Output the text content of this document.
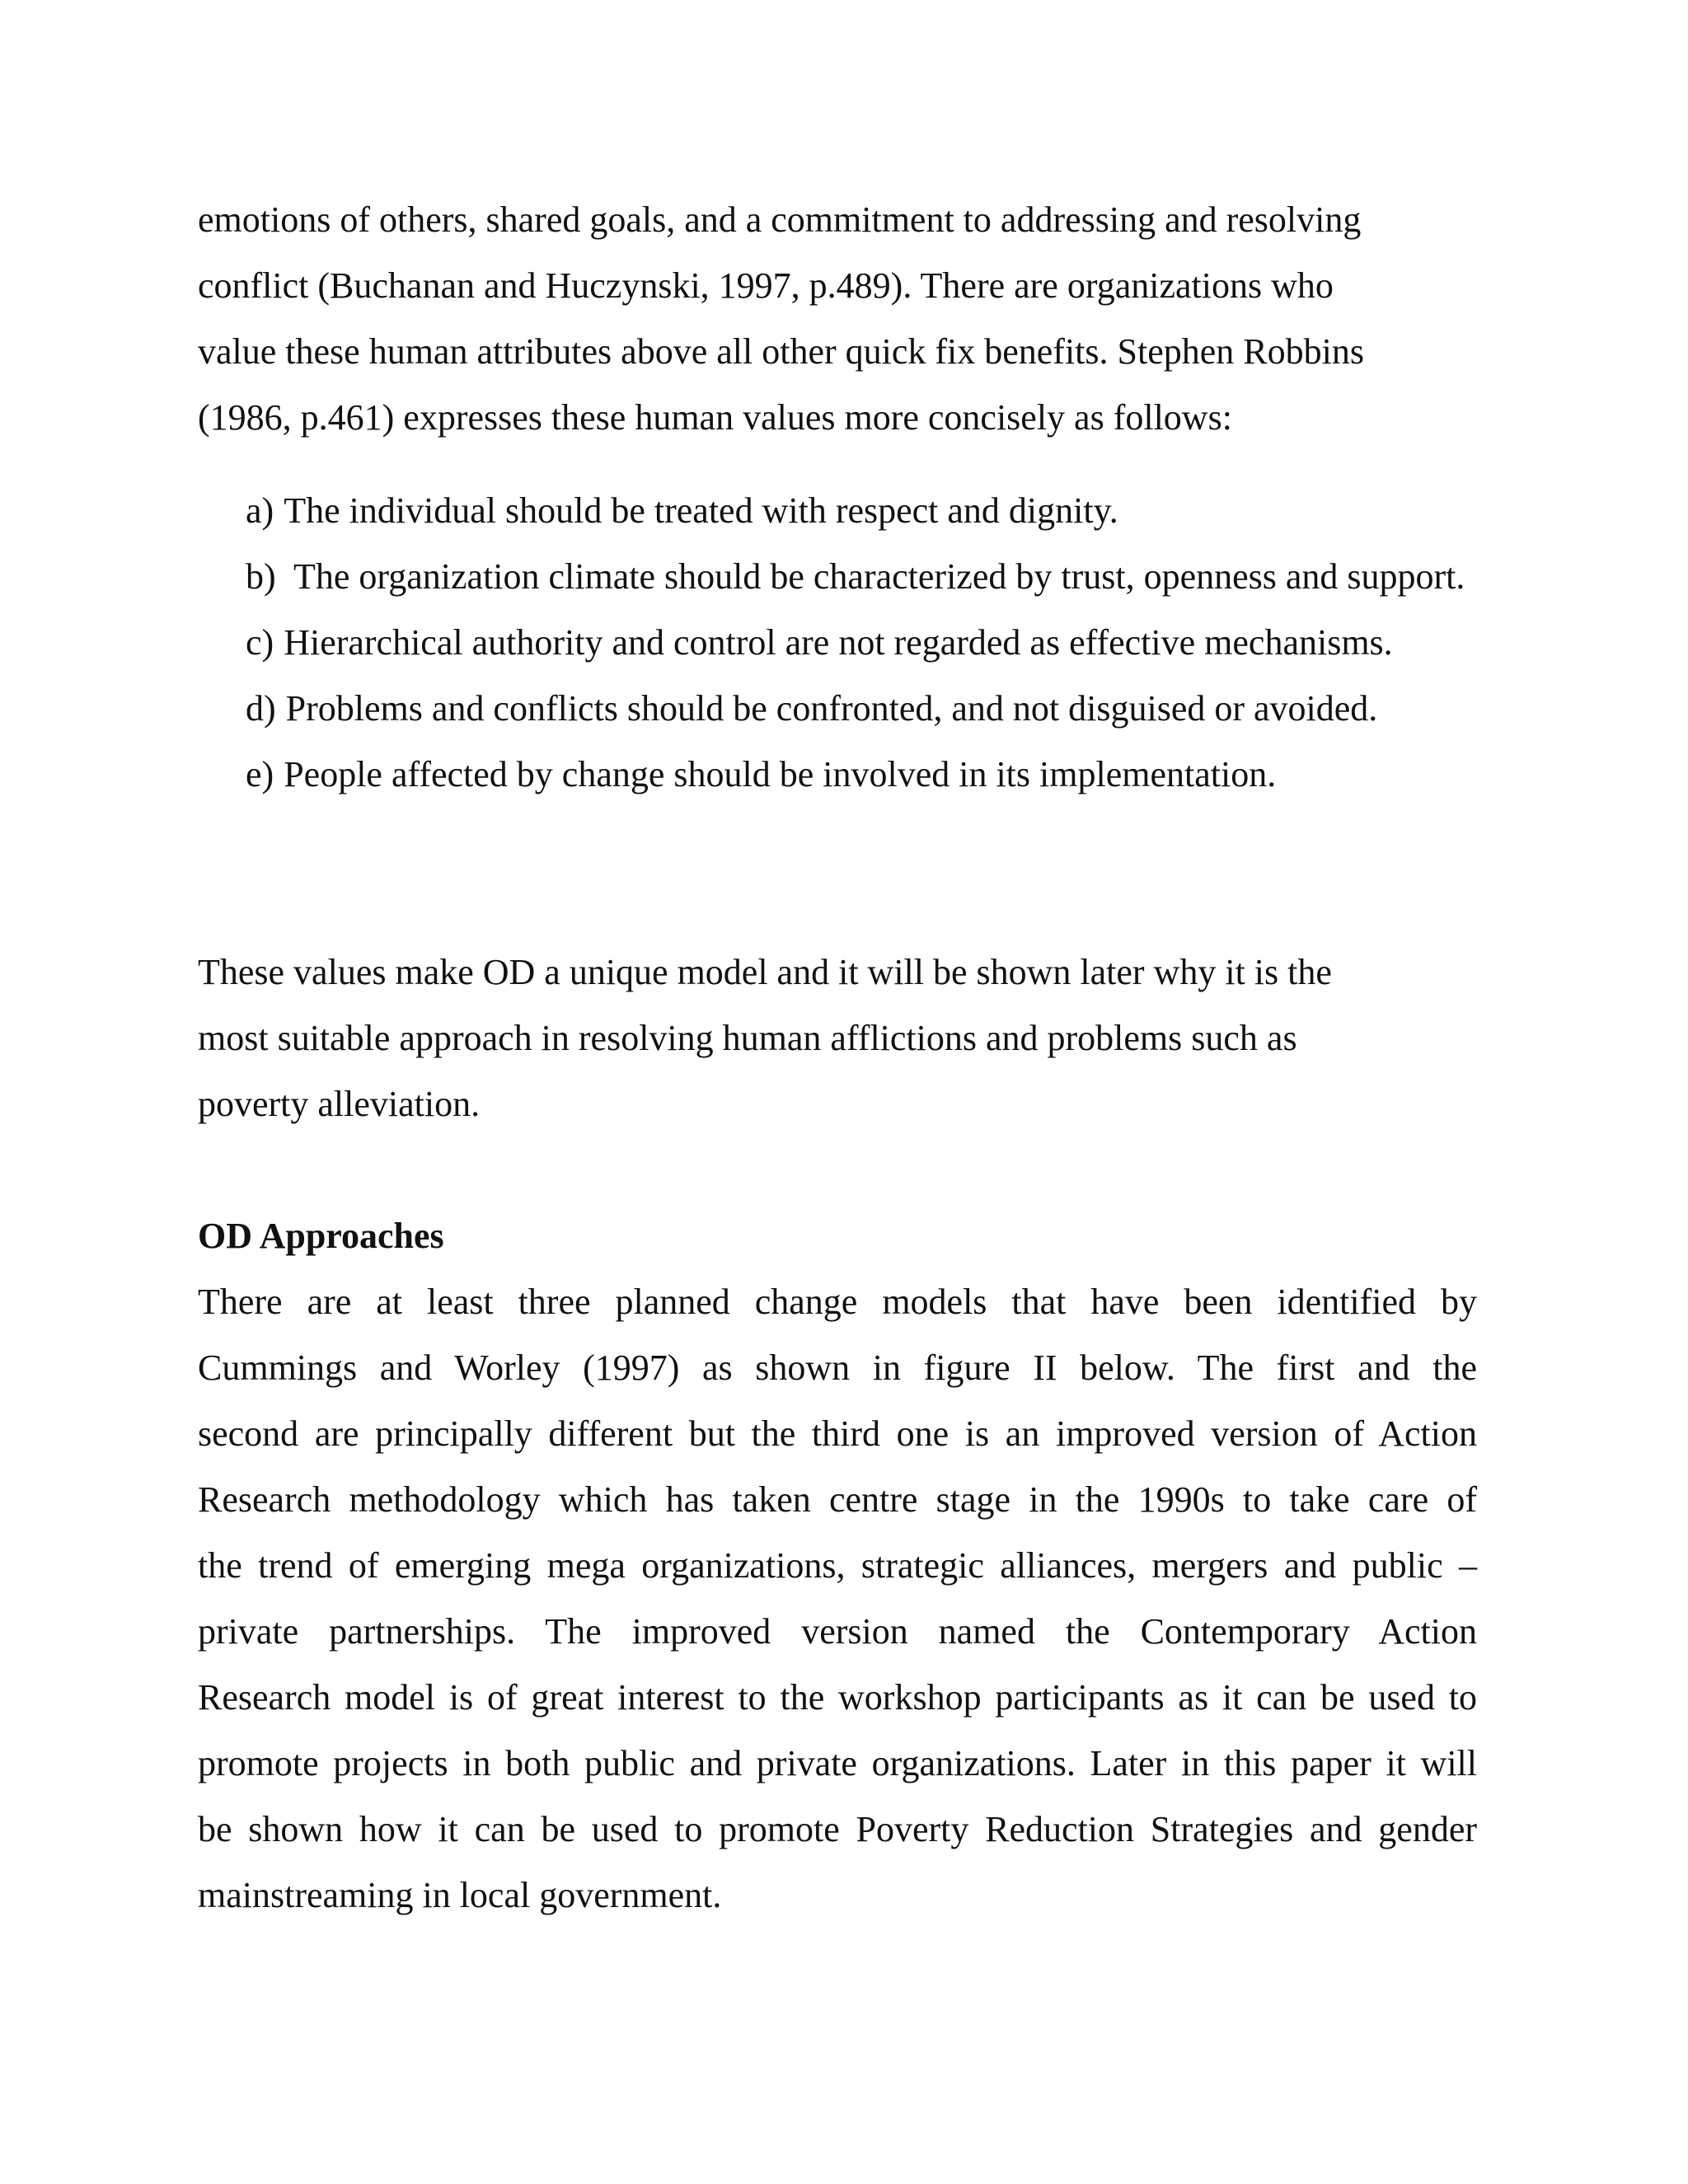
emotions of others, shared goals, and a commitment to addressing and resolving
conflict (Buchanan and Huczynski, 1997, p.489). There are organizations who
value these human attributes above all other quick fix benefits. Stephen Robbins
(1986, p.461) expresses these human values more concisely as follows:

a) The individual should be treated with respect and dignity.
b) The organization climate should be characterized by trust, openness and support.
c) Hierarchical authority and control are not regarded as effective mechanisms.
d) Problems and conflicts should be confronted, and not disguised or avoided.
e) People affected by change should be involved in its implementation.

These values make OD a unique model and it will be shown later why it is the
most suitable approach in resolving human afflictions and problems such as
poverty alleviation.

OD Approaches

There are at least three planned change models that have been identified by
Cummings and Worley (1997) as shown in figure II below. The first and the
second are principally different but the third one is an improved version of Action
Research methodology which has taken centre stage in the 1990s to take care of
the trend of emerging mega organizations, strategic alliances, mergers and public –
private partnerships. The improved version named the Contemporary Action
Research model is of great interest to the workshop participants as it can be used to
promote projects in both public and private organizations. Later in this paper it will
be shown how it can be used to promote Poverty Reduction Strategies and gender
mainstreaming in local government.
